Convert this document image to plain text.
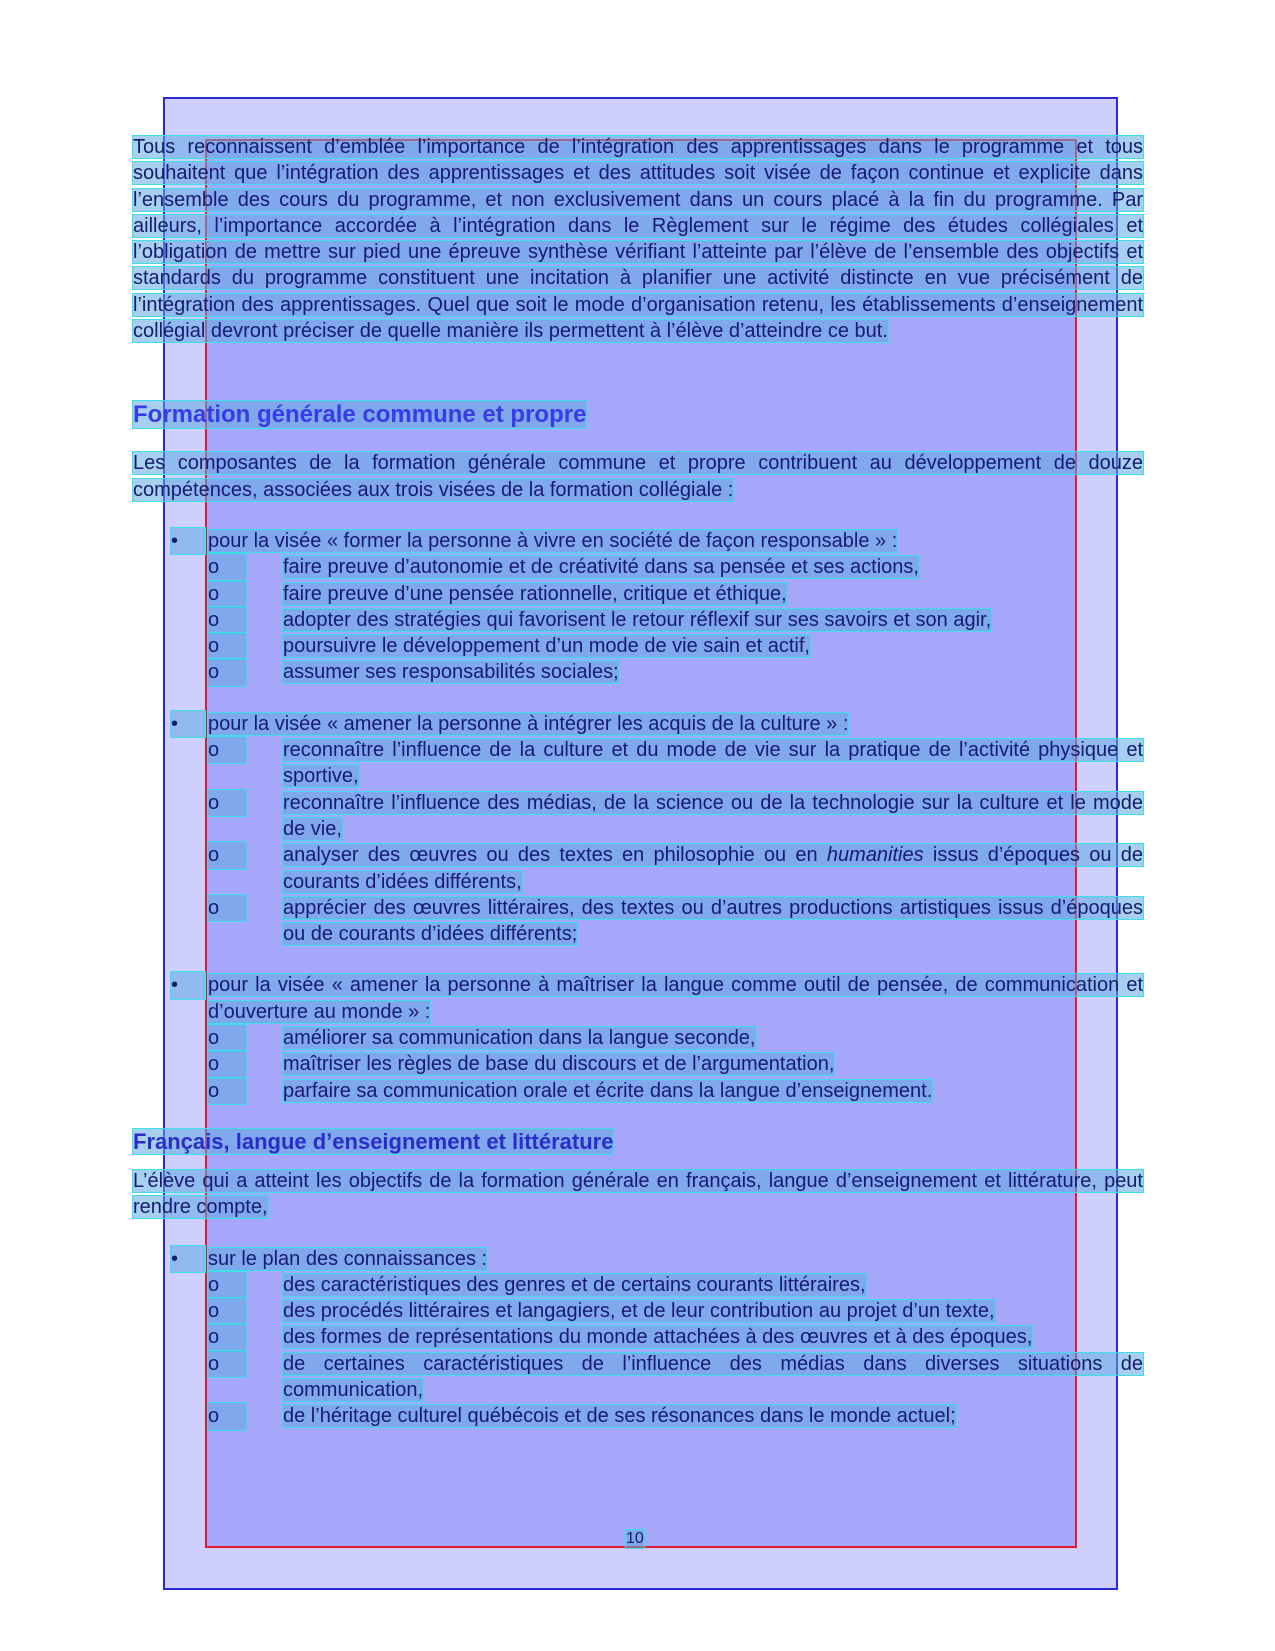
Tous reconnaissent d’emblée l’importance de l’intégration des apprentissages dans le programme et tous souhaitent que l’intégration des apprentissages et des attitudes soit visée de façon continue et explicite dans l’ensemble des cours du programme, et non exclusivement dans un cours placé à la fin du programme. Par ailleurs, l’importance accordée à l’intégration dans le Règlement sur le régime des études collégiales et l’obligation de mettre sur pied une épreuve synthèse vérifiant l’atteinte par l’élève de l’ensemble des objectifs et standards du programme constituent une incitation à planifier une activité distincte en vue précisément de l’intégration des apprentissages. Quel que soit le mode d’organisation retenu, les établissements d’enseignement collégial devront préciser de quelle manière ils permettent à l’élève d’atteindre ce but.

Formation générale commune et propre

Les composantes de la formation générale commune et propre contribuent au développement de douze compétences, associées aux trois visées de la formation collégiale :

•	pour la visée « former la personne à vivre en société de façon responsable » :
o	faire preuve d’autonomie et de créativité dans sa pensée et ses actions,
o	faire preuve d’une pensée rationnelle, critique et éthique,
o	adopter des stratégies qui favorisent le retour réflexif sur ses savoirs et son agir,
o	poursuivre le développement d’un mode de vie sain et actif,
o	assumer ses responsabilités sociales;
•	pour la visée « amener la personne à intégrer les acquis de la culture » :
o	reconnaître l’influence de la culture et du mode de vie sur la pratique de l’activité physique et sportive,
o	reconnaître l’influence des médias, de la science ou de la technologie sur la culture et le mode de vie,
o	analyser des œuvres ou des textes en philosophie ou en humanities issus d’époques ou de courants d’idées différents,
o	apprécier des œuvres littéraires, des textes ou d’autres productions artistiques issus d’époques ou de courants d’idées différents;
•	pour la visée « amener la personne à maîtriser la langue comme outil de pensée, de communication et d’ouverture au monde » :
o	améliorer sa communication dans la langue seconde,
o	maîtriser les règles de base du discours et de l’argumentation,
o	parfaire sa communication orale et écrite dans la langue d’enseignement.
Français, langue d’enseignement et littérature

L’élève qui a atteint les objectifs de la formation générale en français, langue d’enseignement et littérature, peut rendre compte,

•	sur le plan des connaissances :
o	des caractéristiques des genres et de certains courants littéraires,
o	des procédés littéraires et langagiers, et de leur contribution au projet d’un texte,
o	des formes de représentations du monde attachées à des œuvres et à des époques,
o	de certaines caractéristiques de l’influence des médias dans diverses situations de communication,
o	de l’héritage culturel québécois et de ses résonances dans le monde actuel;
10
